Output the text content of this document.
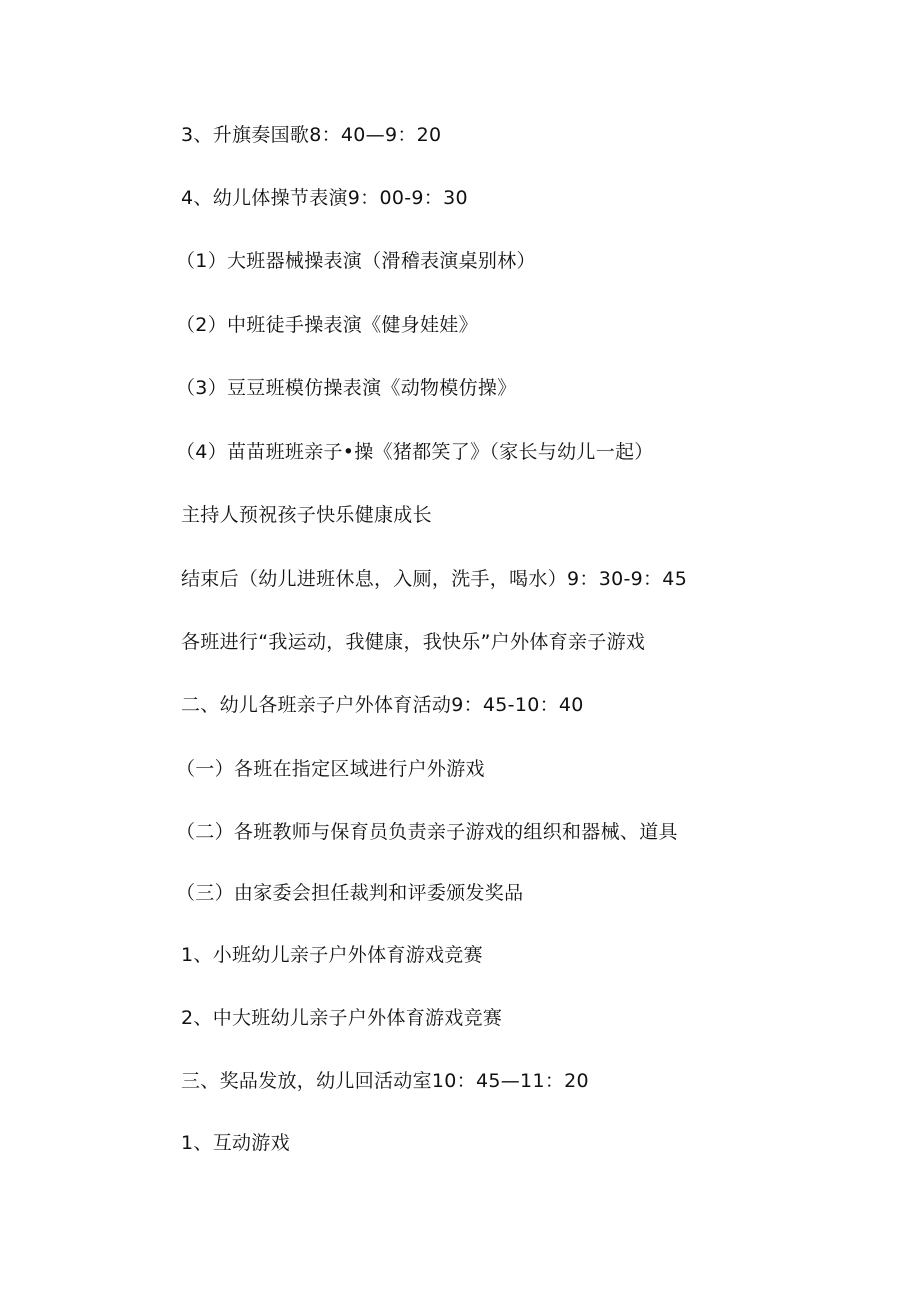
3、升旗奏国歌8：40—9：20
4、幼儿体操节表演9：00-9：30
（1）大班器械操表演（滑稽表演桌别林）
（2）中班徒手操表演《健身娃娃》
（3）豆豆班模仿操表演《动物模仿操》
（4）苗苗班班亲子•操《猪都笑了》（家长与幼儿一起）
主持人预祝孩子快乐健康成长
结束后（幼儿进班休息，入厕，洗手，喝水）9：30-9：45
各班进行“我运动，我健康，我快乐”户外体育亲子游戏
二、幼儿各班亲子户外体育活动9：45-10：40
（一）各班在指定区域进行户外游戏
（二）各班教师与保育员负责亲子游戏的组织和器械、道具
（三）由家委会担任裁判和评委颁发奖品
1、小班幼儿亲子户外体育游戏竞赛
2、中大班幼儿亲子户外体育游戏竞赛
三、奖品发放，幼儿回活动室10：45—11：20
1、互动游戏
